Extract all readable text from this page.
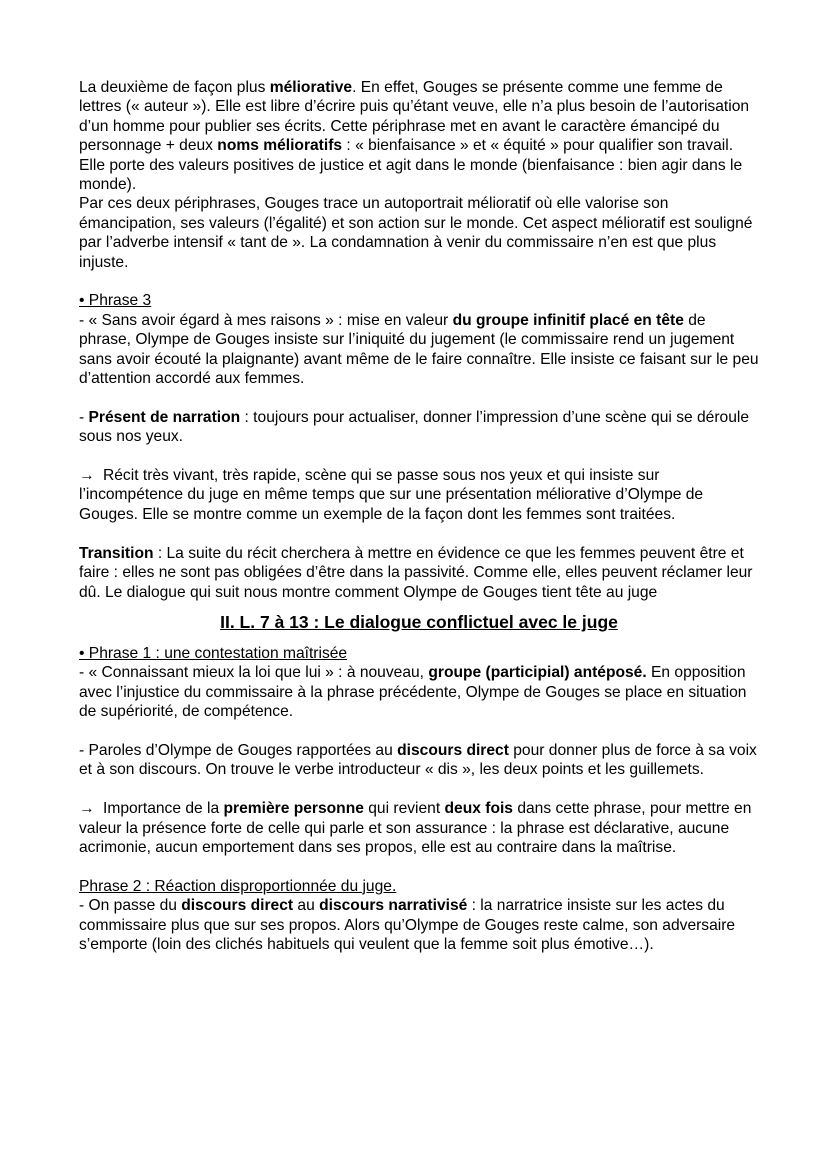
La deuxième de façon plus méliorative. En effet, Gouges se présente comme une femme de lettres (« auteur »). Elle est libre d’écrire puis qu’étant veuve, elle n’a plus besoin de l’autorisation d’un homme pour publier ses écrits. Cette périphrase met en avant le caractère émancipé du personnage + deux noms mélioratifs : « bienfaisance » et « équité » pour qualifier son travail. Elle porte des valeurs positives de justice et agit dans le monde (bienfaisance : bien agir dans le monde).

Par ces deux périphrases, Gouges trace un autoportrait mélioratif où elle valorise son émancipation, ses valeurs (l’égalité) et son action sur le monde. Cet aspect mélioratif est souligné par l’adverbe intensif « tant de ». La condamnation à venir du commissaire n’en est que plus injuste.

• Phrase 3

- « Sans avoir égard à mes raisons » : mise en valeur du groupe infinitif placé en tête de phrase, Olympe de Gouges insiste sur l’iniquité du jugement (le commissaire rend un jugement sans avoir écouté la plaignante) avant même de le faire connaître. Elle insiste ce faisant sur le peu d’attention accordé aux femmes.

- Présent de narration : toujours pour actualiser, donner l’impression d’une scène qui se déroule sous nos yeux.

→ Récit très vivant, très rapide, scène qui se passe sous nos yeux et qui insiste sur l’incompétence du juge en même temps que sur une présentation méliorative d’Olympe de Gouges. Elle se montre comme un exemple de la façon dont les femmes sont traitées.

Transition : La suite du récit cherchera à mettre en évidence ce que les femmes peuvent être et faire : elles ne sont pas obligées d’être dans la passivité. Comme elle, elles peuvent réclamer leur dû. Le dialogue qui suit nous montre comment Olympe de Gouges tient tête au juge

II. L. 7 à 13 : Le dialogue conflictuel avec le juge

• Phrase 1 : une contestation maîtrisée

- « Connaissant mieux la loi que lui » : à nouveau, groupe (participial) antéposé. En opposition avec l’injustice du commissaire à la phrase précédente, Olympe de Gouges se place en situation de supériorité, de compétence.

- Paroles d’Olympe de Gouges rapportées au discours direct pour donner plus de force à sa voix et à son discours. On trouve le verbe introducteur « dis », les deux points et les guillemets.

→ Importance de la première personne qui revient deux fois dans cette phrase, pour mettre en valeur la présence forte de celle qui parle et son assurance : la phrase est déclarative, aucune acrimonie, aucun emportement dans ses propos, elle est au contraire dans la maîtrise.

Phrase 2 : Réaction disproportionnée du juge.

- On passe du discours direct au discours narrativisé : la narratrice insiste sur les actes du commissaire plus que sur ses propos. Alors qu’Olympe de Gouges reste calme, son adversaire s’emporte (loin des clichés habituels qui veulent que la femme soit plus émotive…).
